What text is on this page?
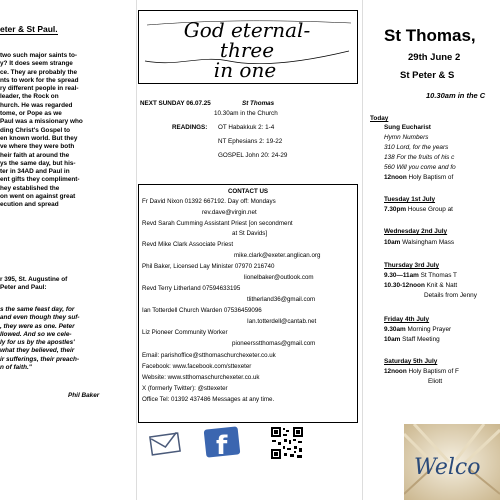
eter & St Paul.
two such major saints to-
y? It does seem strange
ce. They are probably the
nts to work for the spread
ry different people in real-
leader, the Rock on
hurch. He was regarded
tome, or Pope as we
Paul was a missionary who
ding Christ's Gospel to
en known world. But they
ve where they were both
heir faith at around the
ys the same day, but his-
ter in 34AD and Paul in
ent gifts they compliment-
hey established the
on went on against great
ecution and spread
r 395, St. Augustine of
Peter and Paul:
s the same feast day, for
and even though they suf-
, they were as one. Peter
llowed. And so we cele-
ly for us by the apostles'
what they believed, their
ir sufferings, their preach-
n of faith."
Phil Baker
God eternal-
three
in one
NEXT SUNDAY 06.07.25	St Thomas
10.30am in the Church
READINGS: OT Habakkuk 2: 1-4
NT Ephesians 2: 19-22
GOSPEL John 20: 24-29
CONTACT US
Fr David Nixon 01392 667192. Day off: Mondays
rev.dave@virgin.net
Revd Sarah Cumming Assistant Priest [on secondment
at St Davids]
Revd Mike Clark Associate Priest
mike.clark@exeter.anglican.org
Phil Baker, Licensed Lay Minister 07970 216740
lionelbaker@outlook.com
Revd Terry Litherland 07594633195
tlitherland36@gmail.com
Ian Totterdell Church Warden 07536459096
Ian.totterdell@cantab.net
Liz Pioneer Community Worker
pioneersstthomas@gmail.com
Email: parishoffice@stthomaschurchexeter.co.uk
Facebook: www.facebook.com/sttexeter
Website: www.stthomaschurchexeter.co.uk
X (formerly Twitter): @sttexeter
Office Tel: 01392 437486 Messages at any time.
f
St Thomas,
29th June 2
St Peter & S
10.30am in the C
Today
Sung Eucharist
Hymn Numbers
310 Lord, for the years
138 For the fruits of his c
560 Will you come and fo
12noon Holy Baptism of
Tuesday 1st July
7.30pm House Group at
Wednesday 2nd July
10am Walsingham Mass
Thursday 3rd July
9.30—11am St Thomas T
10.30-12noon Knit & Natt
Details from Jenny
Friday 4th July
9.30am Morning Prayer
10am Staff Meeting
Saturday 5th July
12noon Holy Baptism of F
Eliott
Welco
